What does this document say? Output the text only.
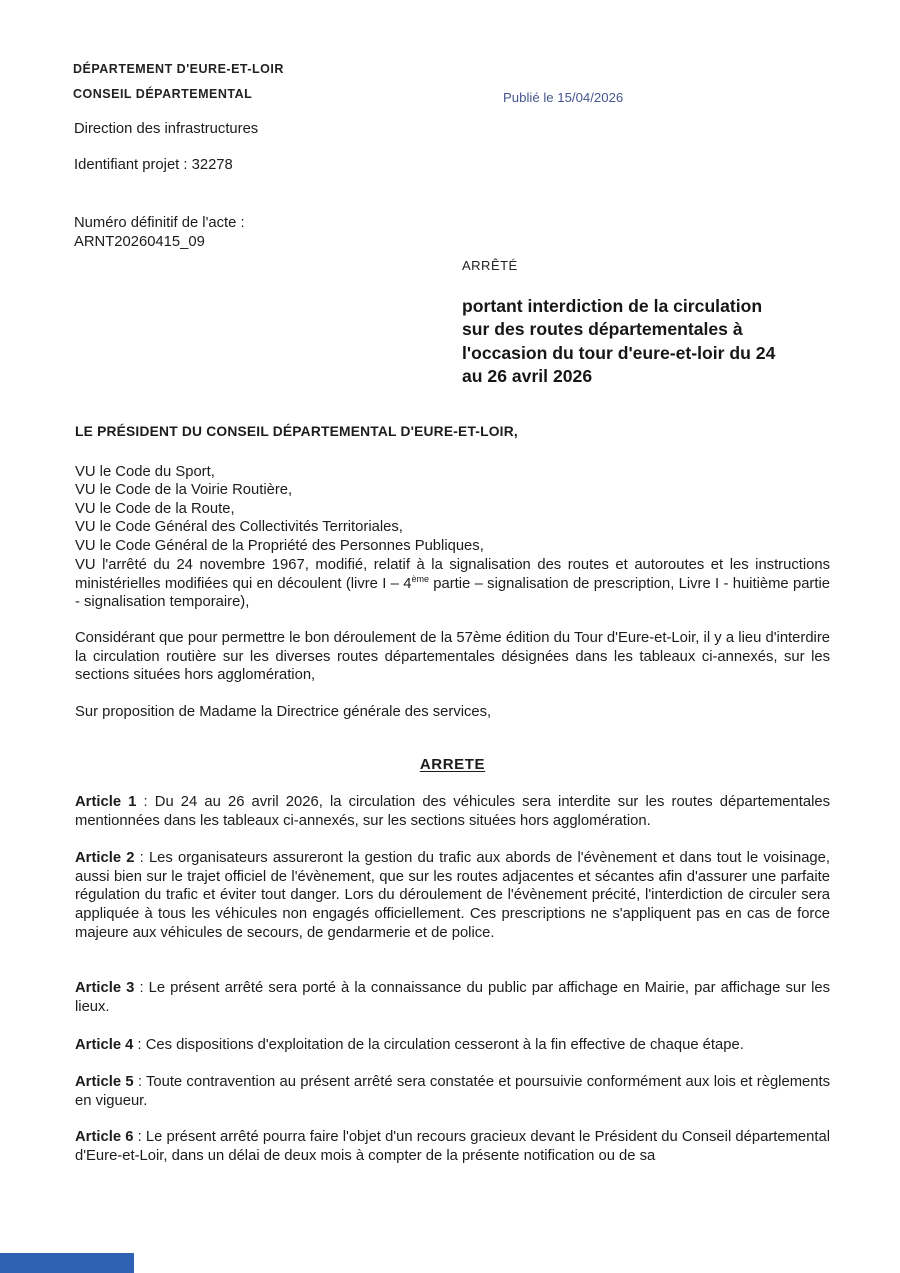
DÉPARTEMENT D'EURE-ET-LOIR
CONSEIL DÉPARTEMENTAL	Publié le 15/04/2026
Direction des infrastructures
Identifiant projet : 32278
Numéro définitif de l'acte :
ARNT20260415_09
ARRÊTÉ
portant interdiction de la circulation
sur des routes départementales à
l'occasion du tour d'eure-et-loir du 24
au 26 avril 2026
LE PRÉSIDENT DU CONSEIL DÉPARTEMENTAL D'EURE-ET-LOIR,
VU le Code du Sport,
VU le Code de la Voirie Routière,
VU le Code de la Route,
VU le Code Général des Collectivités Territoriales,
VU le Code Général de la Propriété des Personnes Publiques,
VU l'arrêté du 24 novembre 1967, modifié, relatif à la signalisation des routes et autoroutes et les instructions ministérielles modifiées qui en découlent (livre I – 4ème partie – signalisation de prescription, Livre I - huitième partie - signalisation temporaire),
Considérant que pour permettre le bon déroulement de la 57ème édition du Tour d'Eure-et-Loir, il y a lieu d'interdire la circulation routière sur les diverses routes départementales désignées dans les tableaux ci-annexés, sur les sections situées hors agglomération,
Sur proposition de Madame la Directrice générale des services,
ARRETE
Article 1 : Du 24 au 26 avril 2026, la circulation des véhicules sera interdite sur les routes départementales mentionnées dans les tableaux ci-annexés, sur les sections situées hors agglomération.
Article 2 : Les organisateurs assureront la gestion du trafic aux abords de l'évènement et dans tout le voisinage, aussi bien sur le trajet officiel de l'évènement, que sur les routes adjacentes et sécantes afin d'assurer une parfaite régulation du trafic et éviter tout danger. Lors du déroulement de l'évènement précité, l'interdiction de circuler sera appliquée à tous les véhicules non engagés officiellement. Ces prescriptions ne s'appliquent pas en cas de force majeure aux véhicules de secours, de gendarmerie et de police.
Article 3 : Le présent arrêté sera porté à la connaissance du public par affichage en Mairie, par affichage sur les lieux.
Article 4 : Ces dispositions d'exploitation de la circulation cesseront à la fin effective de chaque étape.
Article 5 : Toute contravention au présent arrêté sera constatée et poursuivie conformément aux lois et règlements en vigueur.
Article 6 : Le présent arrêté pourra faire l'objet d'un recours gracieux devant le Président du Conseil départemental d'Eure-et-Loir, dans un délai de deux mois à compter de la présente notification ou de sa
